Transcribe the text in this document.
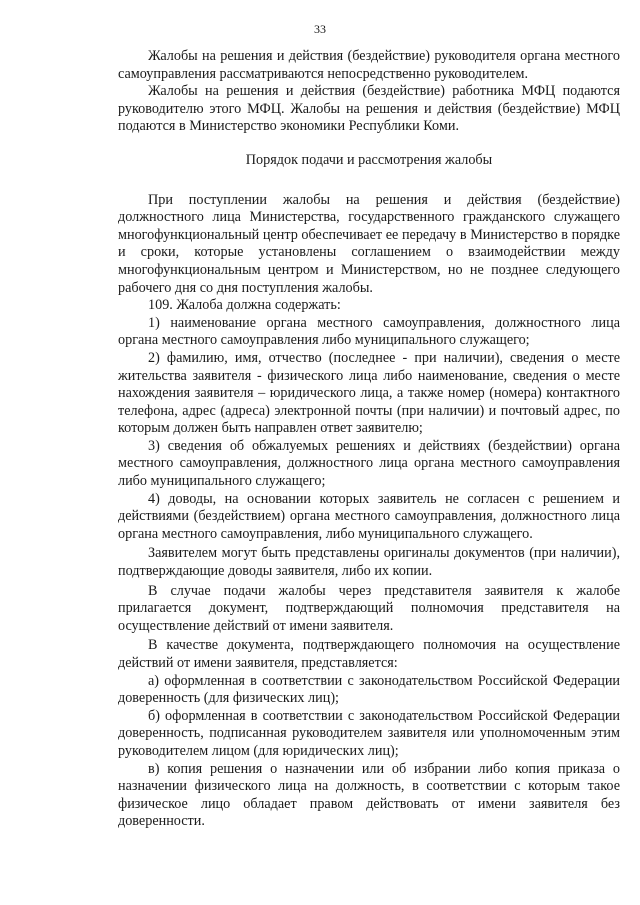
33

Жалобы на решения и действия (бездействие) руководителя органа местного самоуправления рассматриваются непосредственно руководителем.

Жалобы на решения и действия (бездействие) работника МФЦ подаются руководителю этого МФЦ. Жалобы на решения и действия (бездействие) МФЦ подаются в Министерство экономики Республики Коми.

Порядок подачи и рассмотрения жалобы

При поступлении жалобы на решения и действия (бездействие) должностного лица Министерства, государственного гражданского служащего многофункциональный центр обеспечивает ее передачу в Министерство в порядке и сроки, которые установлены соглашением о взаимодействии между многофункциональным центром и Министерством, но не позднее следующего рабочего дня со дня поступления жалобы.

109. Жалоба должна содержать:

1) наименование органа местного самоуправления, должностного лица органа местного самоуправления либо муниципального служащего;

2) фамилию, имя, отчество (последнее - при наличии), сведения о месте жительства заявителя - физического лица либо наименование, сведения о месте нахождения заявителя – юридического лица, а также номер (номера) контактного телефона, адрес (адреса) электронной почты (при наличии) и почтовый адрес, по которым должен быть направлен ответ заявителю;

3) сведения об обжалуемых решениях и действиях (бездействии) органа местного самоуправления, должностного лица органа местного самоуправления либо муниципального служащего;

4) доводы, на основании которых заявитель не согласен с решением и действиями (бездействием) органа местного самоуправления, должностного лица органа местного самоуправления, либо муниципального служащего.

Заявителем могут быть представлены оригиналы документов (при наличии), подтверждающие доводы заявителя, либо их копии.

В случае подачи жалобы через представителя заявителя к жалобе прилагается документ, подтверждающий полномочия представителя на осуществление действий от имени заявителя.

В качестве документа, подтверждающего полномочия на осуществление действий от имени заявителя, представляется:

а) оформленная в соответствии с законодательством Российской Федерации доверенность (для физических лиц);

б) оформленная в соответствии с законодательством Российской Федерации доверенность, подписанная руководителем заявителя или уполномоченным этим руководителем лицом (для юридических лиц);

в) копия решения о назначении или об избрании либо копия приказа о назначении физического лица на должность, в соответствии с которым такое физическое лицо обладает правом действовать от имени заявителя без доверенности.
